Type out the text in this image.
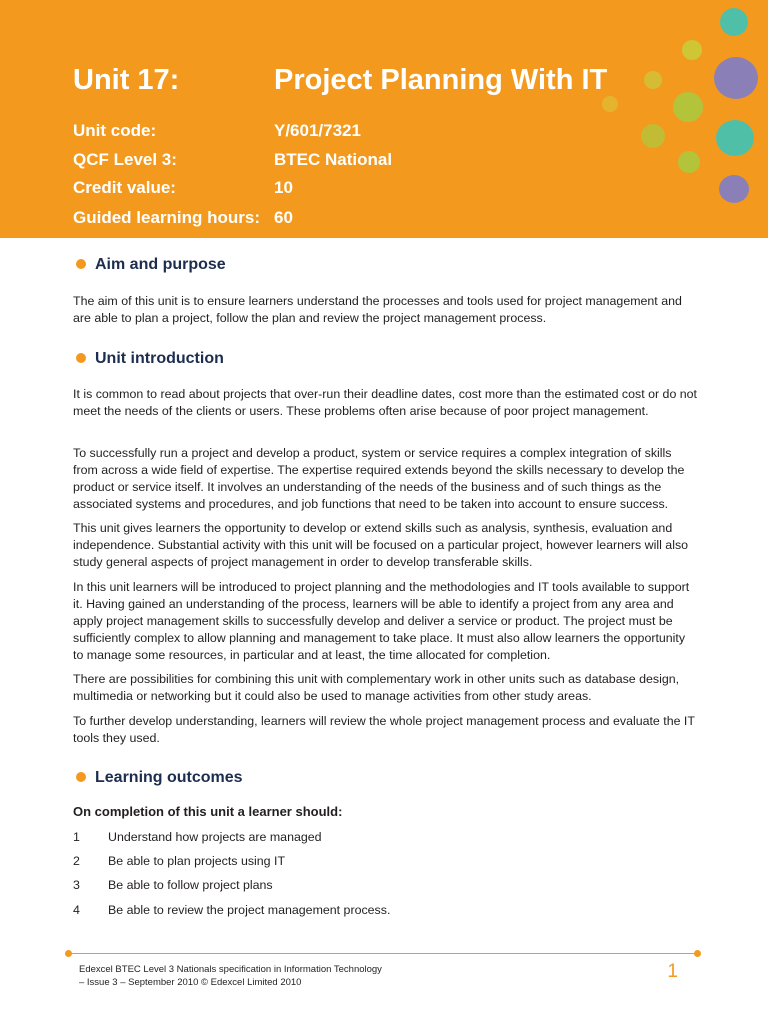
Unit 17:	Project Planning With IT
Unit code:	Y/601/7321
QCF Level 3:	BTEC National
Credit value:	10
Guided learning hours: 60
Aim and purpose

The aim of this unit is to ensure learners understand the processes and tools used for project management and are able to plan a project, follow the plan and review the project management process.

Unit introduction

It is common to read about projects that over-run their deadline dates, cost more than the estimated cost or do not meet the needs of the clients or users. These problems often arise because of poor project management.

To successfully run a project and develop a product, system or service requires a complex integration of skills from across a wide field of expertise. The expertise required extends beyond the skills necessary to develop the product or service itself. It involves an understanding of the needs of the business and of such things as the associated systems and procedures, and job functions that need to be taken into account to ensure success.

This unit gives learners the opportunity to develop or extend skills such as analysis, synthesis, evaluation and independence. Substantial activity with this unit will be focused on a particular project, however learners will also study general aspects of project management in order to develop transferable skills.

In this unit learners will be introduced to project planning and the methodologies and IT tools available to support it. Having gained an understanding of the process, learners will be able to identify a project from any area and apply project management skills to successfully develop and deliver a service or product. The project must be sufficiently complex to allow planning and management to take place. It must also allow learners the opportunity to manage some resources, in particular and at least, the time allocated for completion.

There are possibilities for combining this unit with complementary work in other units such as database design, multimedia or networking but it could also be used to manage activities from other study areas.

To further develop understanding, learners will review the whole project management process and evaluate the IT tools they used.

Learning outcomes

On completion of this unit a learner should:

1 Understand how projects are managed
2 Be able to plan projects using IT
3 Be able to follow project plans
4 Be able to review the project management process.

Edexcel BTEC Level 3 Nationals specification in Information Technology
– Issue 3 – September 2010 © Edexcel Limited 2010

1
